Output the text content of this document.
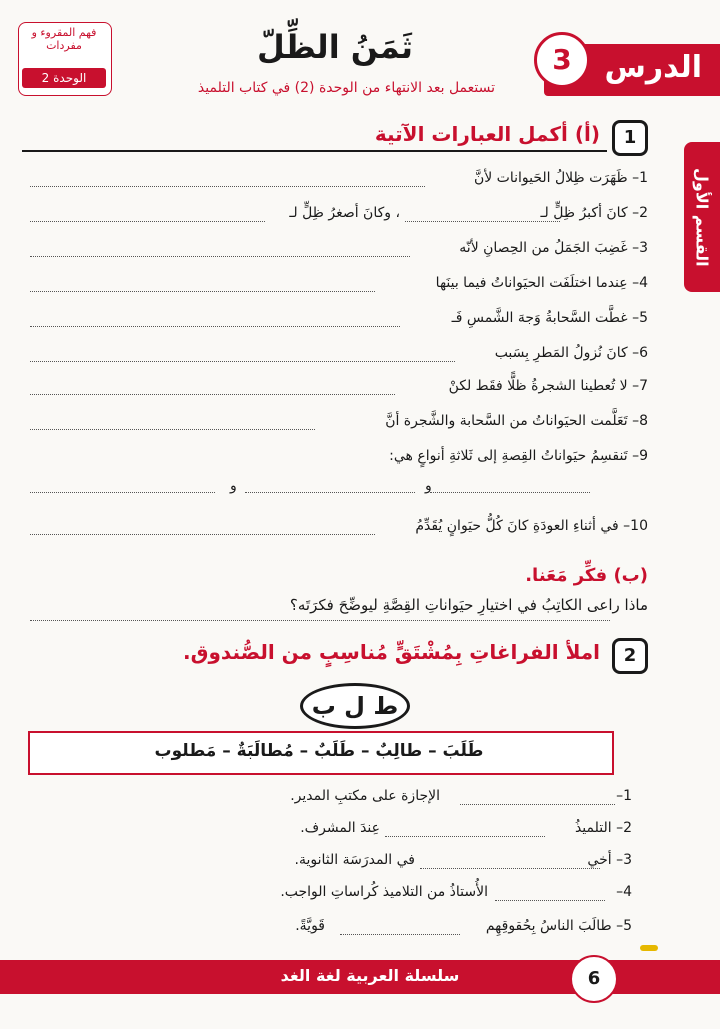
الدرس
3
ثَمَنُ الظِّلّ
تستعمل بعد الانتهاء من الوحدة (2) في كتاب التلميذ
فهم المقروء و مفردات
الوحدة 2
القسم الأول
1
(أ) أكمل العبارات الآتية
1– ظَهَرَت ظِلالُ الحَيوانات لأنَّ
2– كانَ أكبرُ ظِلٍّ لـ
، وكانَ أصغرُ ظِلٍّ لـ
3– غَضِبَ الجَمَلُ من الحِصانِ لأنّه
4– عِندما اختلَفَت الحيَواناتُ فيما بينَها
5– غطَّت السَّحابةُ وَجهَ الشَّمسِ فَـ
6– كانَ نُزولُ المَطرِ بِسَبب
7– لا تُعطينا الشجرةُ ظلًّا فقَط لكنْ
8– تَعَلَّمت الحيَواناتُ من السَّحابة والشَّجرة أنَّ
9– تَنقسِمُ حيَواناتُ القِصةِ إلى ثَلاثةِ أنواعٍ هي:
و
و
10– في أثناءِ العودَةِ كانَ كُلُّ حيَوانٍ يُقَدِّمُ
(ب) فكِّر مَعَنا.
ماذا راعى الكاتِبُ في اختيارِ حيَواناتِ القِصَّةِ ليوضِّحَ فكرَتَه؟
2
املأ الفراغاتِ بِمُشْتَقٍّ مُناسِبٍ من الصُّندوق.
ط ل ب
طَلَبَ – طالِبٌ – طَلَبٌ – مُطالَبَةٌ – مَطلوب
1–
الإجازة على مكتبِ المدير.
2– التلميذُ
عِندَ المشرف.
3– أخي
في المدرَسَة الثانوية.
4–
الأُستاذُ من التلاميذ كُراساتِ الواجب.
5– طالَبَ الناسُ بِحُقوقِهِم
قَويَّةً.
سلسلة العربية لغة الغد	6
